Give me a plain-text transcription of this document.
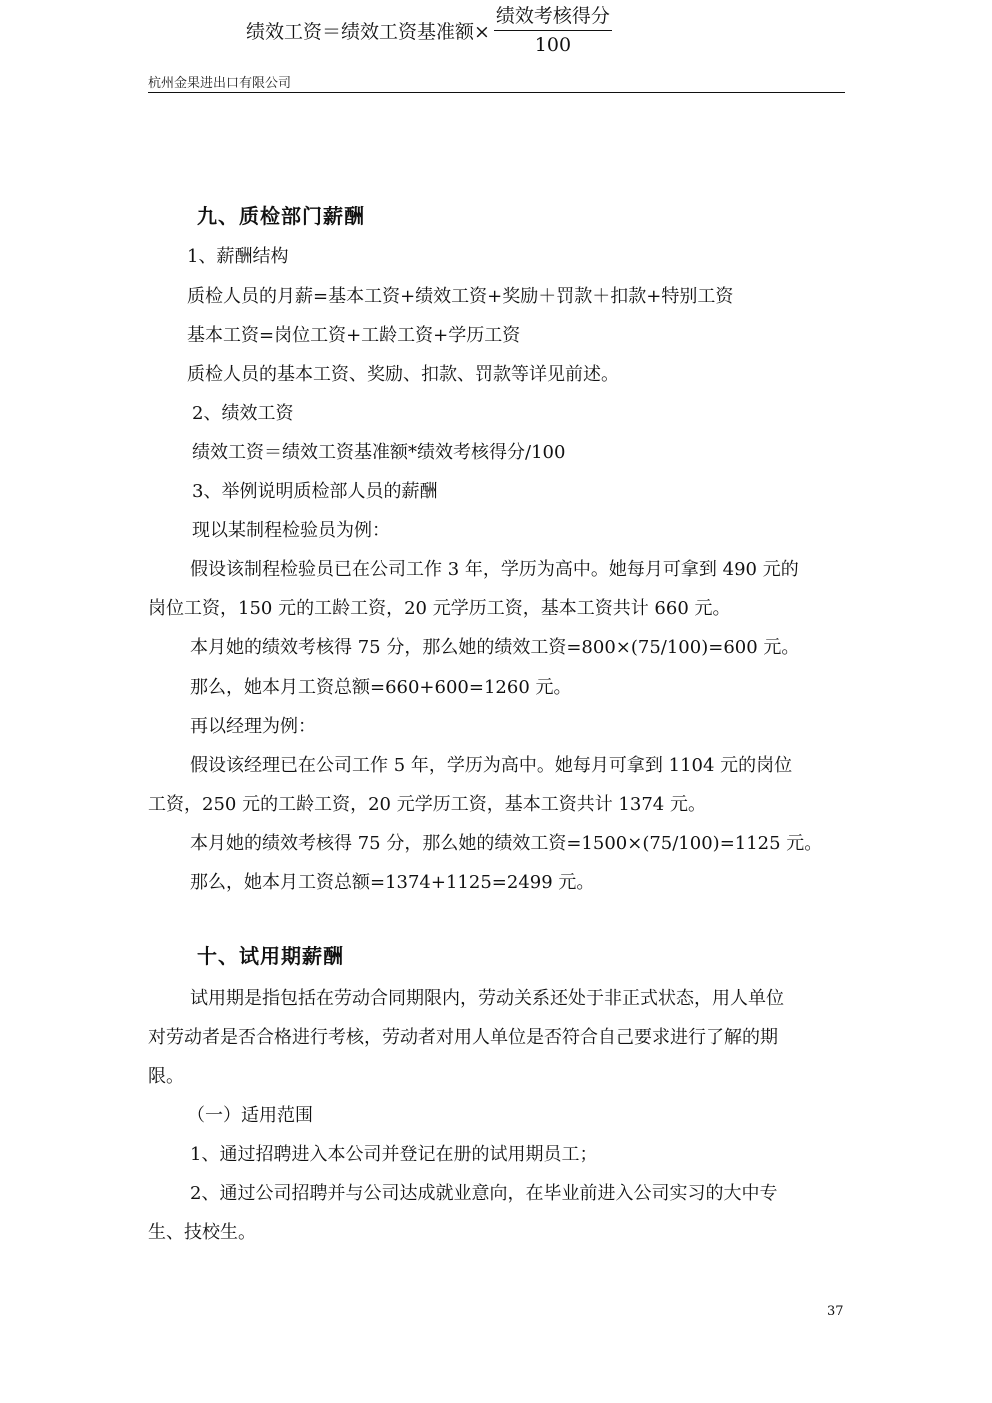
绩效工资＝绩效工资基准额× $\frac{\text{绩效考核得分}}{100}$
杭州金果进出口有限公司
九、质检部门薪酬
1、薪酬结构
质检人员的月薪=基本工资+绩效工资+奖励＋罚款＋扣款+特别工资
基本工资=岗位工资+工龄工资+学历工资
质检人员的基本工资、奖励、扣款、罚款等详见前述。
2、绩效工资
绩效工资＝绩效工资基准额*绩效考核得分/100
3、举例说明质检部人员的薪酬
现以某制程检验员为例：
假设该制程检验员已在公司工作 3 年，学历为高中。她每月可拿到 490 元的
岗位工资，150 元的工龄工资，20 元学历工资，基本工资共计 660 元。
本月她的绩效考核得 75 分，那么她的绩效工资=800×(75/100)=600 元。
那么，她本月工资总额=660+600=1260 元。
再以经理为例：
假设该经理已在公司工作 5 年，学历为高中。她每月可拿到 1104 元的岗位
工资，250 元的工龄工资，20 元学历工资，基本工资共计 1374 元。
本月她的绩效考核得 75 分，那么她的绩效工资=1500×(75/100)=1125 元。
那么，她本月工资总额=1374+1125=2499 元。
十、试用期薪酬
试用期是指包括在劳动合同期限内，劳动关系还处于非正式状态，用人单位
对劳动者是否合格进行考核，劳动者对用人单位是否符合自己要求进行了解的期
限。
（一）适用范围
1、通过招聘进入本公司并登记在册的试用期员工；
2、通过公司招聘并与公司达成就业意向，在毕业前进入公司实习的大中专
生、技校生。
37
